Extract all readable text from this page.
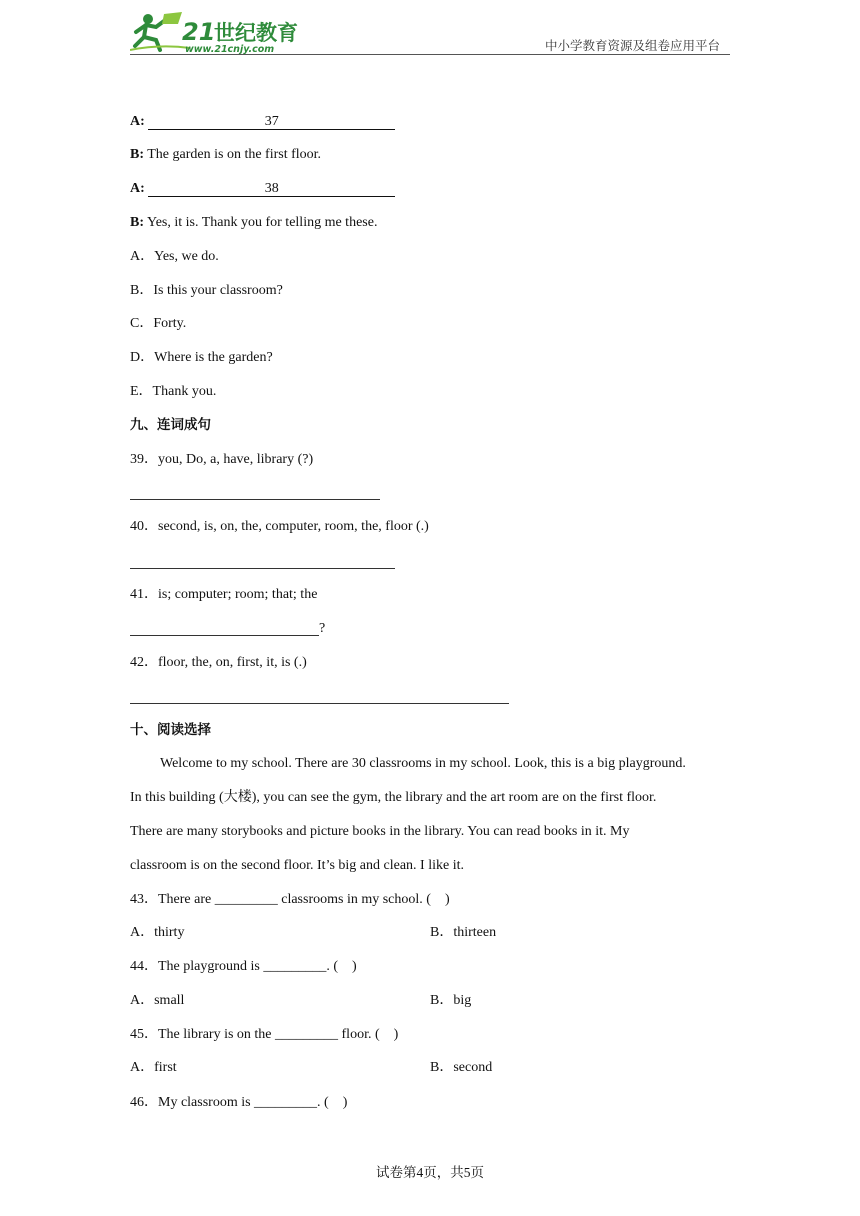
21
世纪教育
www.21cnjy.com	中小学教育资源及组卷应用平台
A:	37
B: The garden is on the first floor.
A:	38
B: Yes, it is. Thank you for telling me these.
A．Yes, we do.
B．Is this your classroom?
C．Forty.
D．Where is the garden?
E．Thank you.
九、连词成句
39．you, Do, a, have, library (?)
40．second, is, on, the, computer, room, the, floor (.)
41．is; computer; room; that; the
?
42．floor, the, on, first, it, is (.)
十、阅读选择
Welcome to my school. There are 30 classrooms in my school. Look, this is a big playground.
In this building (大楼), you can see the gym, the library and the art room are on the first floor.
There are many storybooks and picture books in the library. You can read books in it. My
classroom is on the second floor. It’s big and clean. I like it.
43．There are _________ classrooms in my school. (    )
A．thirty	B．thirteen
44．The playground is _________. (    )
A．small	B．big
45．The library is on the _________ floor. (    )
A．first	B．second
46．My classroom is _________. (    )
试卷第4页，共5页
